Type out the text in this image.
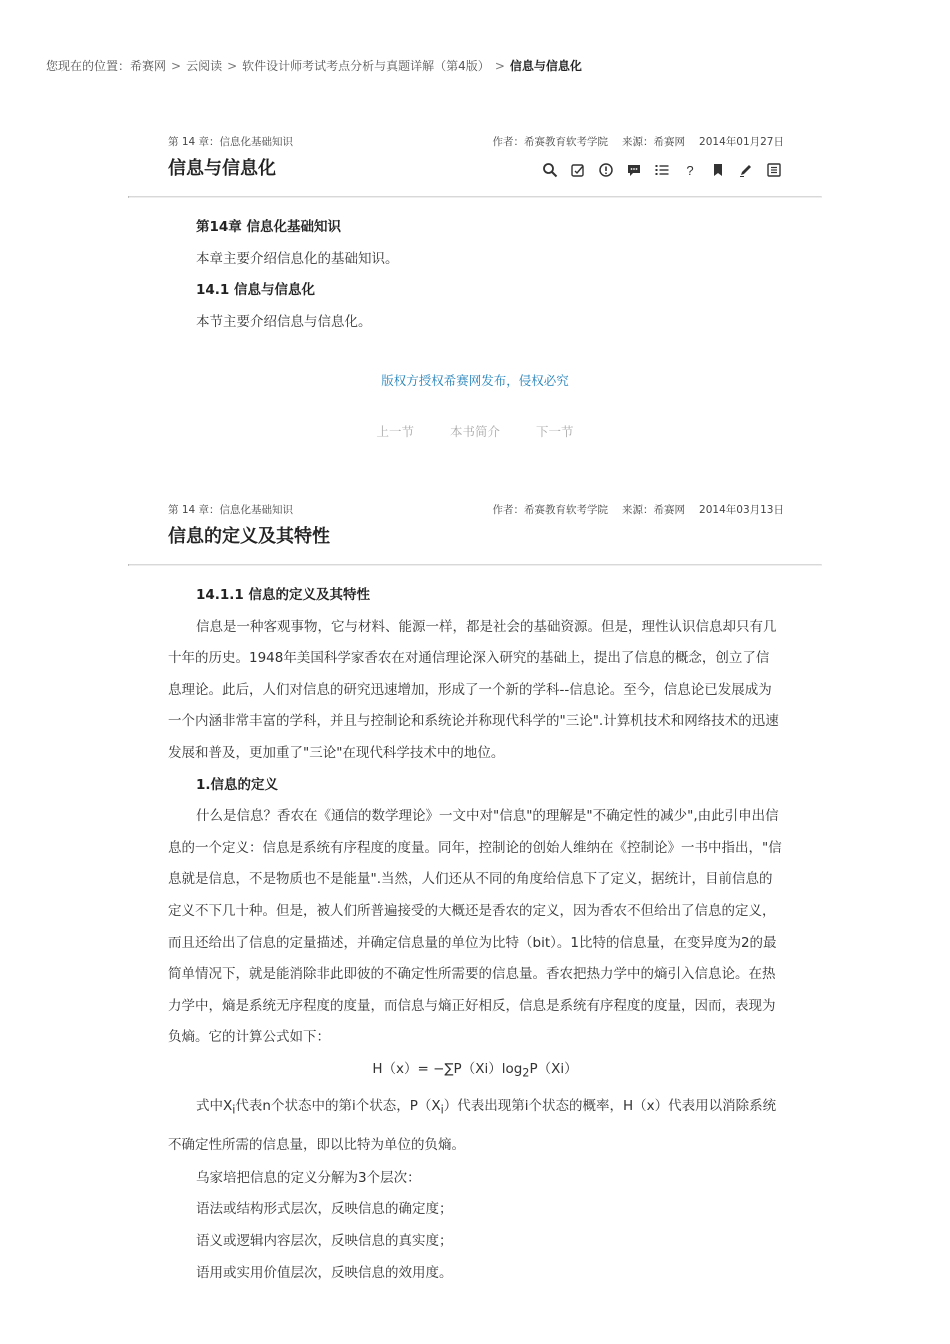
您现在的位置：希赛网 > 云阅读 > 软件设计师考试考点分析与真题详解（第4版） > 信息与信息化
第 14 章：信息化基础知识	作者：希赛教育软考学院 来源：希赛网 2014年01月27日
信息与信息化	?

第14章 信息化基础知识

本章主要介绍信息化的基础知识。

14.1 信息与信息化

本节主要介绍信息与信息化。

版权方授权希赛网发布，侵权必究
上一节	本书简介	下一节
第 14 章：信息化基础知识	作者：希赛教育软考学院 来源：希赛网 2014年03月13日
信息的定义及其特性

14.1.1 信息的定义及其特性

信息是一种客观事物，它与材料、能源一样，都是社会的基础资源。但是，理性认识信息却只有几十年的历史。1948年美国科学家香农在对通信理论深入研究的基础上，提出了信息的概念，创立了信息理论。此后，人们对信息的研究迅速增加，形成了一个新的学科--信息论。至今，信息论已发展成为一个内涵非常丰富的学科，并且与控制论和系统论并称现代科学的"三论".计算机技术和网络技术的迅速发展和普及，更加重了"三论"在现代科学技术中的地位。

1.信息的定义

什么是信息？香农在《通信的数学理论》一文中对"信息"的理解是"不确定性的减少",由此引申出信息的一个定义：信息是系统有序程度的度量。同年，控制论的创始人维纳在《控制论》一书中指出，"信息就是信息，不是物质也不是能量".当然，人们还从不同的角度给信息下了定义，据统计，目前信息的定义不下几十种。但是，被人们所普遍接受的大概还是香农的定义，因为香农不但给出了信息的定义，而且还给出了信息的定量描述，并确定信息量的单位为比特（bit）。1比特的信息量，在变异度为2的最简单情况下，就是能消除非此即彼的不确定性所需要的信息量。香农把热力学中的熵引入信息论。在热力学中，熵是系统无序程度的度量，而信息与熵正好相反，信息是系统有序程度的度量，因而，表现为负熵。它的计算公式如下：

$H(x)= -\sum P(Xi)\log_2P(Xi)$

式中$X_i$代表n个状态中的第i个状态，$P(X_i)$代表出现第i个状态的概率，H（x）代表用以消除系统不确定性所需的信息量，即以比特为单位的负熵。

乌家培把信息的定义分解为3个层次：

语法或结构形式层次，反映信息的确定度；

语义或逻辑内容层次，反映信息的真实度；

语用或实用价值层次，反映信息的效用度。
